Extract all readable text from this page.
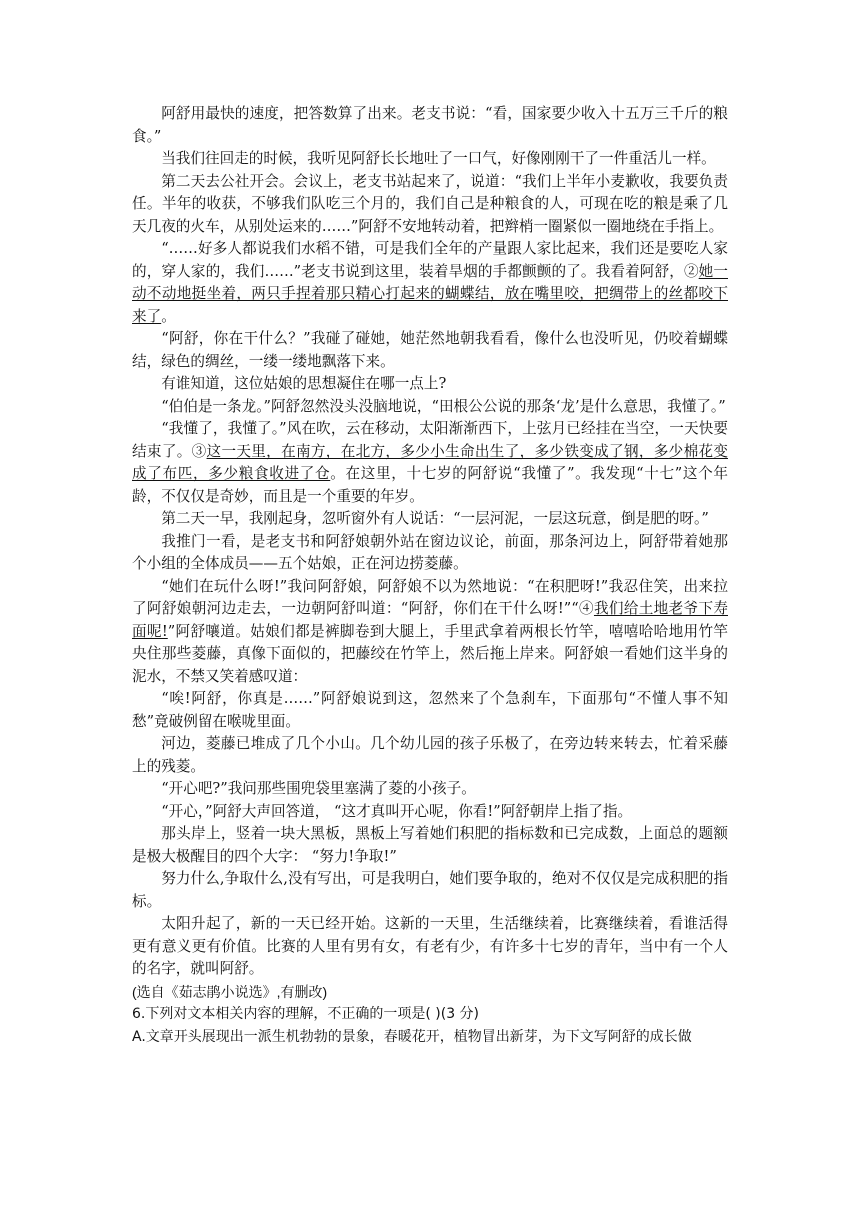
阿舒用最快的速度，把答数算了出来。老支书说：“看，国家要少收入十五万三千斤的粮食。”

当我们往回走的时候，我听见阿舒长长地吐了一口气，好像刚刚干了一件重活儿一样。

第二天去公社开会。会议上，老支书站起来了，说道：“我们上半年小麦歉收，我要负责任。半年的收获，不够我们队吃三个月的，我们自己是种粮食的人，可现在吃的粮是乘了几天几夜的火车，从别处运来的……”阿舒不安地转动着，把辫梢一圈紧似一圈地绕在手指上。

“……好多人都说我们水稻不错，可是我们全年的产量跟人家比起来，我们还是要吃人家的，穿人家的，我们……”老支书说到这里，装着旱烟的手都颤颤的了。我看着阿舒，②她一动不动地挺坐着，两只手捏着那只精心打起来的蝴蝶结，放在嘴里咬，把绸带上的丝都咬下来了。

“阿舒，你在干什么？”我碰了碰她，她茫然地朝我看看，像什么也没听见，仍咬着蝴蝶结，绿色的绸丝，一缕一缕地飘落下来。

有谁知道，这位姑娘的思想凝住在哪一点上?

“伯伯是一条龙。”阿舒忽然没头没脑地说，“田根公公说的那条‘龙’是什么意思，我懂了。”

“我懂了，我懂了。”风在吹，云在移动，太阳渐渐西下，上弦月已经挂在当空，一天快要结束了。③这一天里，在南方，在北方，多少小生命出生了，多少铁变成了钢，多少棉花变成了布匹，多少粮食收进了仓。在这里，十七岁的阿舒说“我懂了”。我发现“十七”这个年龄，不仅仅是奇妙，而且是一个重要的年岁。

第二天一早，我刚起身，忽听窗外有人说话：“一层河泥，一层这玩意，倒是肥的呀。”

我推门一看，是老支书和阿舒娘朝外站在窗边议论，前面，那条河边上，阿舒带着她那个小组的全体成员——五个姑娘，正在河边捞菱藤。

“她们在玩什么呀!”我问阿舒娘，阿舒娘不以为然地说：“在积肥呀!”我忍住笑，出来拉了阿舒娘朝河边走去，一边朝阿舒叫道：“阿舒，你们在干什么呀!”“④我们给土地老爷下寿面呢!”阿舒嚷道。姑娘们都是裤脚卷到大腿上，手里武拿着两根长竹竿，嘻嘻哈哈地用竹竿央住那些菱藤，真像下面似的，把藤绞在竹竿上，然后拖上岸来。阿舒娘一看她们这半身的泥水，不禁又笑着感叹道：

“唉!阿舒，你真是……”阿舒娘说到这，忽然来了个急刹车，下面那句“不懂人事不知愁”竟破例留在喉咙里面。

河边，菱藤已堆成了几个小山。几个幼儿园的孩子乐极了，在旁边转来转去，忙着采藤上的残菱。

“开心吧?”我问那些围兜袋里塞满了菱的小孩子。

“开心，”阿舒大声回答道， “这才真叫开心呢，你看!”阿舒朝岸上指了指。

那头岸上，竖着一块大黑板，黑板上写着她们积肥的指标数和已完成数，上面总的题额是极大极醒目的四个大字： “努力!争取!”

努力什么,争取什么,没有写出，可是我明白，她们要争取的，绝对不仅仅是完成积肥的指标。

太阳升起了，新的一天已经开始。这新的一天里，生活继续着，比赛继续着，看谁活得更有意义更有价值。比赛的人里有男有女，有老有少，有许多十七岁的青年，当中有一个人的名字，就叫阿舒。

(选自《茹志鹃小说选》,有删改)

6.下列对文本相关内容的理解，不正确的一项是( )(3 分)

A.文章开头展现出一派生机勃勃的景象，春暖花开，植物冒出新芽，为下文写阿舒的成长做
